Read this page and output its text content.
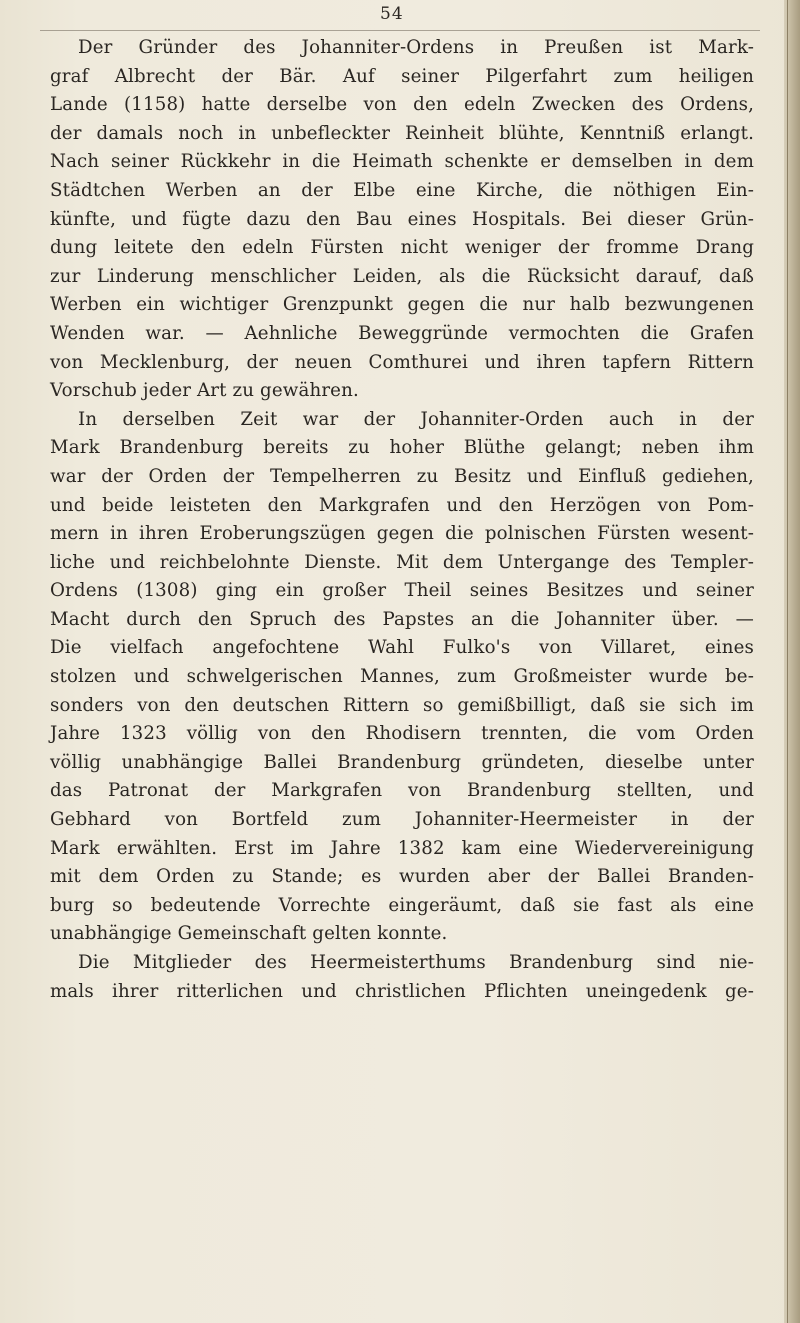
54
Der Gründer des Johanniter-Ordens in Preußen ist Mark-
graf Albrecht der Bär. Auf seiner Pilgerfahrt zum heiligen
Lande (1158) hatte derselbe von den edeln Zwecken des Ordens,
der damals noch in unbefleckter Reinheit blühte, Kenntniß erlangt.
Nach seiner Rückkehr in die Heimath schenkte er demselben in dem
Städtchen Werben an der Elbe eine Kirche, die nöthigen Ein-
künfte, und fügte dazu den Bau eines Hospitals. Bei dieser Grün-
dung leitete den edeln Fürsten nicht weniger der fromme Drang
zur Linderung menschlicher Leiden, als die Rücksicht darauf, daß
Werben ein wichtiger Grenzpunkt gegen die nur halb bezwungenen
Wenden war. — Aehnliche Beweggründe vermochten die Grafen
von Mecklenburg, der neuen Comthurei und ihren tapfern Rittern
Vorschub jeder Art zu gewähren.
In derselben Zeit war der Johanniter-Orden auch in der
Mark Brandenburg bereits zu hoher Blüthe gelangt; neben ihm
war der Orden der Tempelherren zu Besitz und Einfluß gediehen,
und beide leisteten den Markgrafen und den Herzögen von Pom-
mern in ihren Eroberungszügen gegen die polnischen Fürsten wesent-
liche und reichbelohnte Dienste. Mit dem Untergange des Templer-
Ordens (1308) ging ein großer Theil seines Besitzes und seiner
Macht durch den Spruch des Papstes an die Johanniter über. —
Die vielfach angefochtene Wahl Fulko's von Villaret, eines
stolzen und schwelgerischen Mannes, zum Großmeister wurde be-
sonders von den deutschen Rittern so gemißbilligt, daß sie sich im
Jahre 1323 völlig von den Rhodisern trennten, die vom Orden
völlig unabhängige Ballei Brandenburg gründeten, dieselbe unter
das Patronat der Markgrafen von Brandenburg stellten, und
Gebhard von Bortfeld zum Johanniter-Heermeister in der
Mark erwählten. Erst im Jahre 1382 kam eine Wiedervereinigung
mit dem Orden zu Stande; es wurden aber der Ballei Branden-
burg so bedeutende Vorrechte eingeräumt, daß sie fast als eine
unabhängige Gemeinschaft gelten konnte.
Die Mitglieder des Heermeisterthums Brandenburg sind nie-
mals ihrer ritterlichen und christlichen Pflichten uneingedenk ge-
